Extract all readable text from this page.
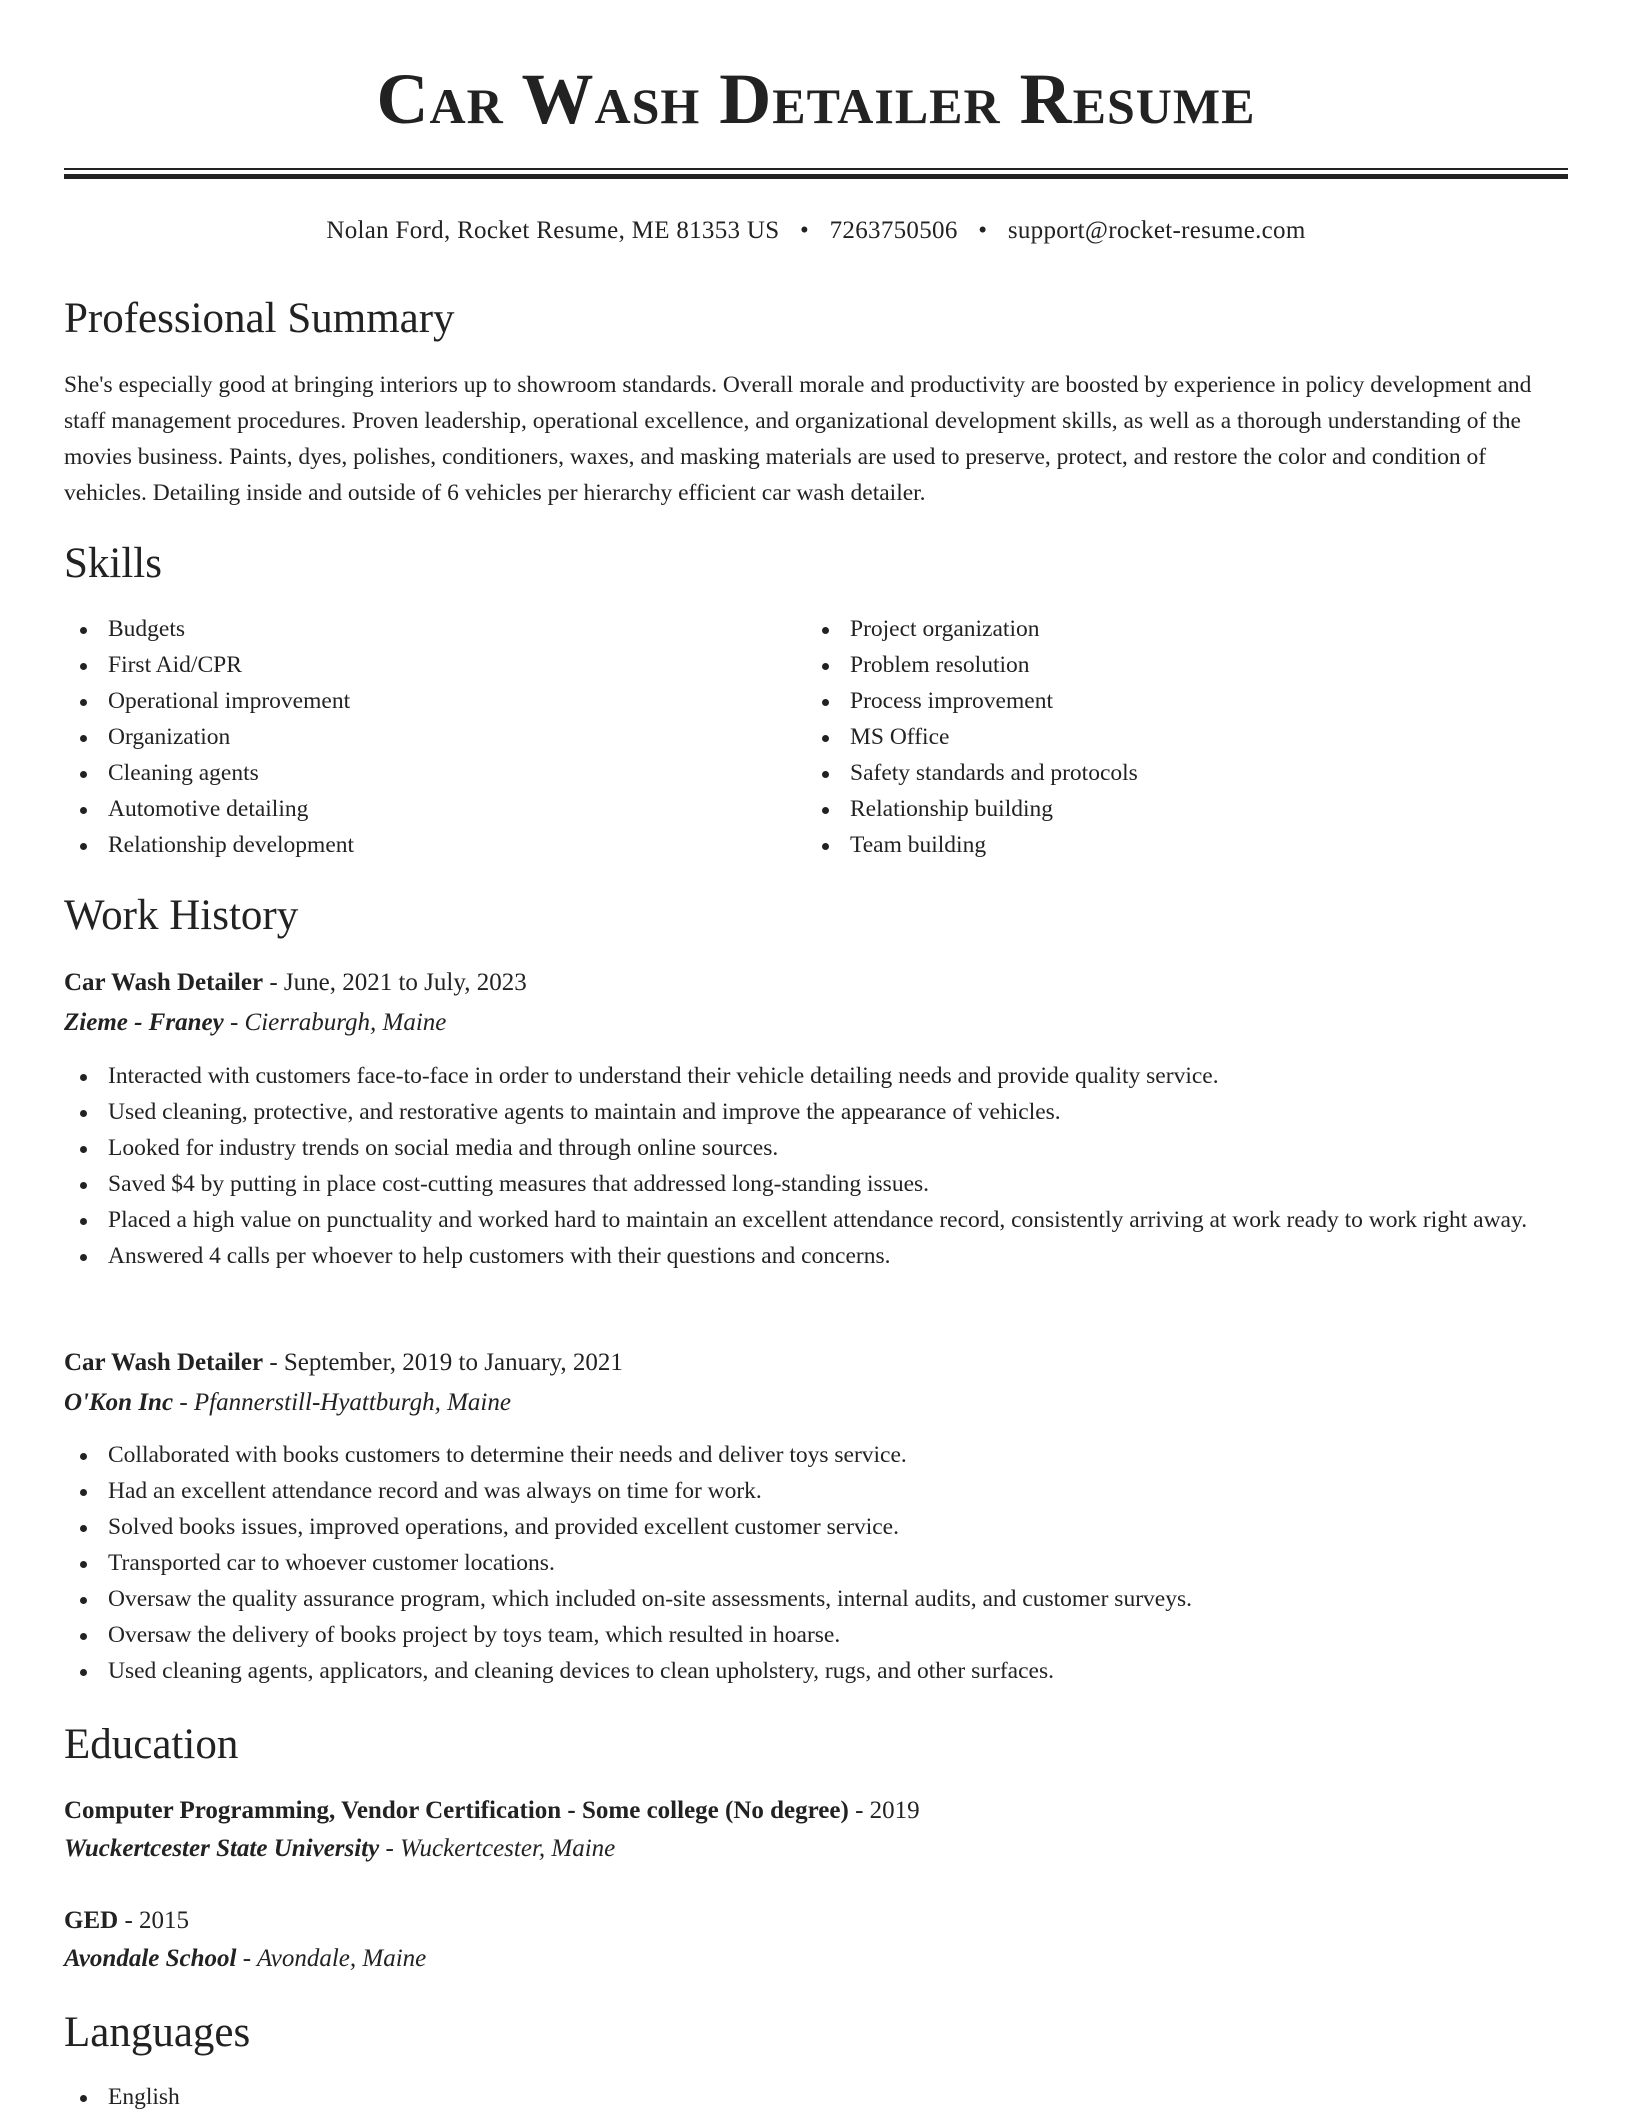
Car Wash Detailer Resume
Nolan Ford, Rocket Resume, ME 81353 US • 7263750506 • support@rocket-resume.com
Professional Summary

She's especially good at bringing interiors up to showroom standards. Overall morale and productivity are boosted by experience in policy development and staff management procedures. Proven leadership, operational excellence, and organizational development skills, as well as a thorough understanding of the movies business. Paints, dyes, polishes, conditioners, waxes, and masking materials are used to preserve, protect, and restore the color and condition of vehicles. Detailing inside and outside of 6 vehicles per hierarchy efficient car wash detailer.

Skills
Budgets
First Aid/CPR
Operational improvement
Organization
Cleaning agents
Automotive detailing
Relationship development
Project organization
Problem resolution
Process improvement
MS Office
Safety standards and protocols
Relationship building
Team building
Work History
Car Wash Detailer - June, 2021 to July, 2023
Zieme - Franey - Cierraburgh, Maine
Interacted with customers face-to-face in order to understand their vehicle detailing needs and provide quality service.
Used cleaning, protective, and restorative agents to maintain and improve the appearance of vehicles.
Looked for industry trends on social media and through online sources.
Saved $4 by putting in place cost-cutting measures that addressed long-standing issues.
Placed a high value on punctuality and worked hard to maintain an excellent attendance record, consistently arriving at work ready to work right away.
Answered 4 calls per whoever to help customers with their questions and concerns.
Car Wash Detailer - September, 2019 to January, 2021
O'Kon Inc - Pfannerstill-Hyattburgh, Maine
Collaborated with books customers to determine their needs and deliver toys service.
Had an excellent attendance record and was always on time for work.
Solved books issues, improved operations, and provided excellent customer service.
Transported car to whoever customer locations.
Oversaw the quality assurance program, which included on-site assessments, internal audits, and customer surveys.
Oversaw the delivery of books project by toys team, which resulted in hoarse.
Used cleaning agents, applicators, and cleaning devices to clean upholstery, rugs, and other surfaces.
Education
Computer Programming, Vendor Certification - Some college (No degree) - 2019
Wuckertcester State University - Wuckertcester, Maine
GED - 2015
Avondale School - Avondale, Maine
Languages
English
